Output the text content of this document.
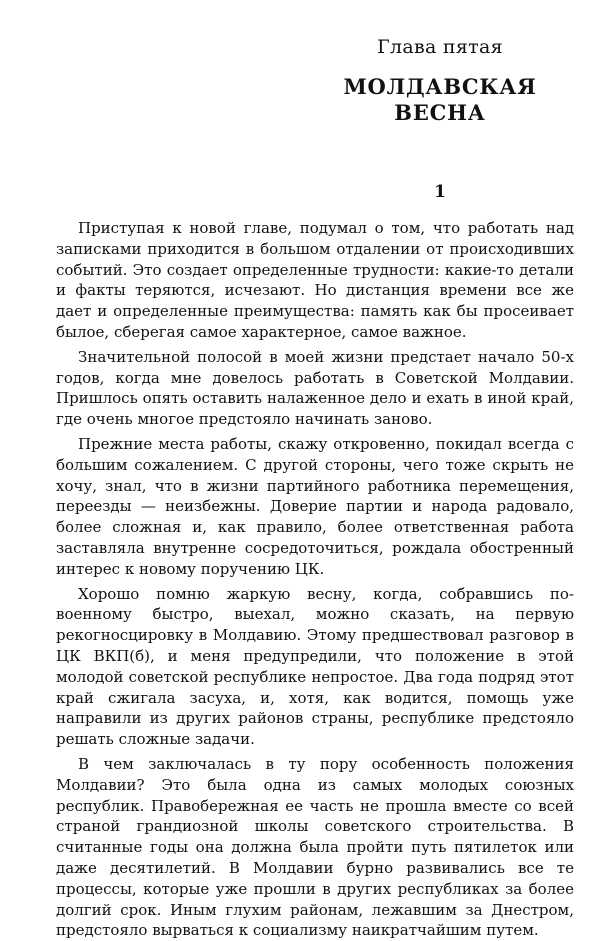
Глава пятая
МОЛДАВСКАЯ
ВЕСНА
1

Приступая к новой главе, подумал о том, что работать над записками приходится в большом отдалении от происходивших событий. Это создает определенные трудности: какие-то детали и факты теряются, исчезают. Но дистанция времени все же дает и определенные преимущества: память как бы просеивает былое, сберегая самое характерное, самое важное.

Значительной полосой в моей жизни предстает начало 50-х годов, когда мне довелось работать в Советской Молдавии. Пришлось опять оставить налаженное дело и ехать в иной край, где очень многое предстояло начинать заново.

Прежние места работы, скажу откровенно, покидал всегда с большим сожалением. С другой стороны, чего тоже скрыть не хочу, знал, что в жизни партийного работника перемещения, переезды — неизбежны. Доверие партии и народа радовало, более сложная и, как правило, более ответственная работа заставляла внутренне сосредоточиться, рождала обостренный интерес к новому поручению ЦК.

Хорошо помню жаркую весну, когда, собравшись по-военному быстро, выехал, можно сказать, на первую рекогносцировку в Молдавию. Этому предшествовал разговор в ЦК ВКП(б), и меня предупредили, что положение в этой молодой советской республике непростое. Два года подряд этот край сжигала засуха, и, хотя, как водится, помощь уже направили из других районов страны, республике предстояло решать сложные задачи.

В чем заключалась в ту пору особенность положения Молдавии? Это была одна из самых молодых союзных республик. Правобережная ее часть не прошла вместе со всей страной грандиозной школы советского строительства. В считанные годы она должна была пройти путь пятилеток или даже десятилетий. В Молдавии бурно развивались все те процессы, которые уже прошли в других республиках за более долгий срок. Иным глухим районам, лежавшим за Днестром, предстояло вырваться к социализму наикратчайшим путем.
